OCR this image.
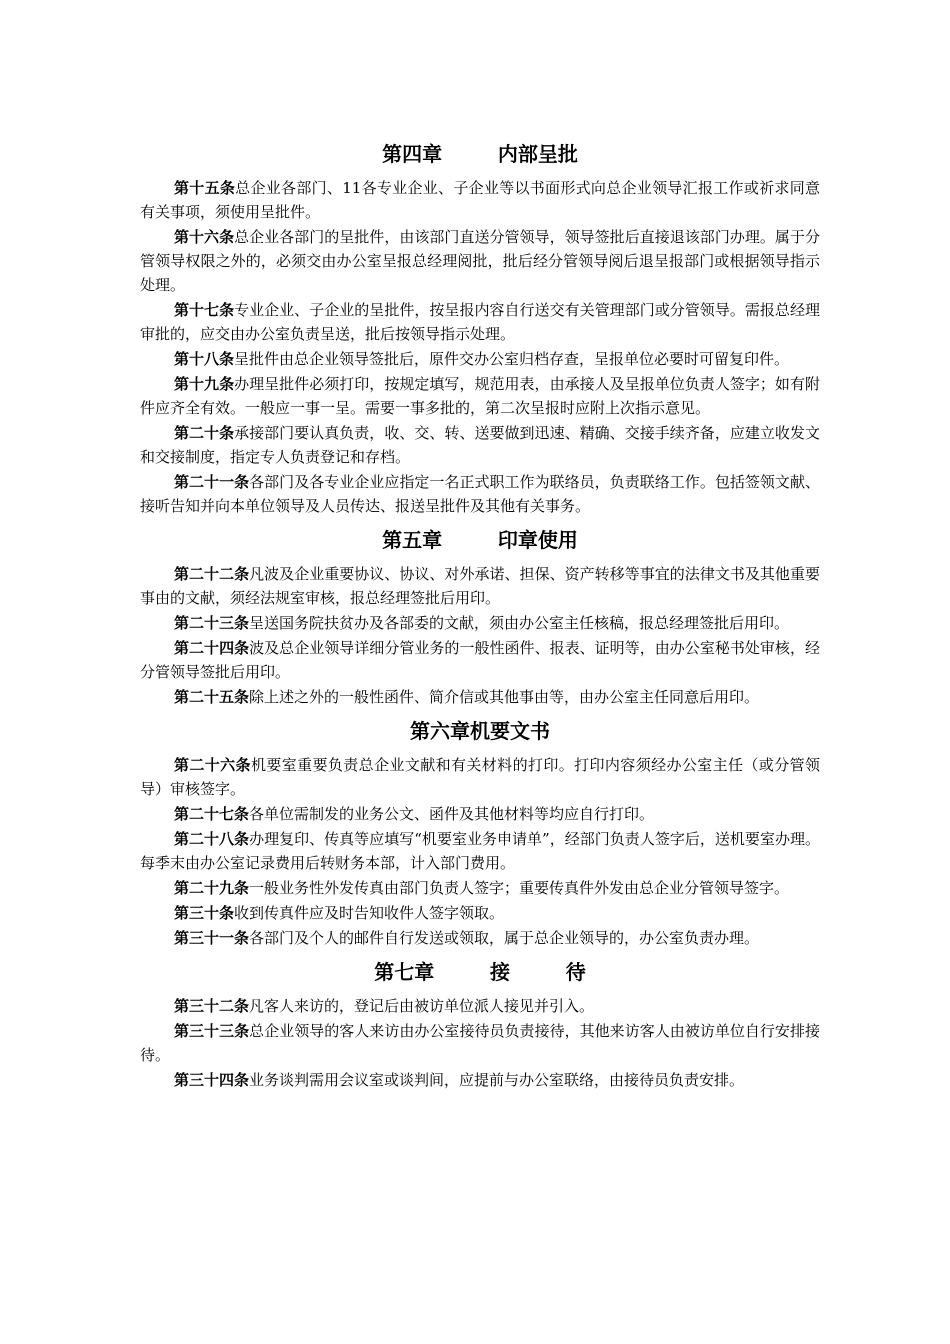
第四章        内部呈批

第十五条总企业各部门、11各专业企业、子企业等以书面形式向总企业领导汇报工作或祈求同意有关事项，须使用呈批件。

第十六条总企业各部门的呈批件，由该部门直送分管领导，领导签批后直接退该部门办理。属于分管领导权限之外的，必须交由办公室呈报总经理阅批，批后经分管领导阅后退呈报部门或根据领导指示处理。

第十七条专业企业、子企业的呈批件，按呈报内容自行送交有关管理部门或分管领导。需报总经理审批的，应交由办公室负责呈送，批后按领导指示处理。

第十八条呈批件由总企业领导签批后，原件交办公室归档存查，呈报单位必要时可留复印件。

第十九条办理呈批件必须打印，按规定填写，规范用表，由承接人及呈报单位负责人签字；如有附件应齐全有效。一般应一事一呈。需要一事多批的，第二次呈报时应附上次指示意见。

第二十条承接部门要认真负责，收、交、转、送要做到迅速、精确、交接手续齐备，应建立收发文和交接制度，指定专人负责登记和存档。

第二十一条各部门及各专业企业应指定一名正式职工作为联络员，负责联络工作。包括签领文献、接听告知并向本单位领导及人员传达、报送呈批件及其他有关事务。

第五章        印章使用

第二十二条凡波及企业重要协议、协议、对外承诺、担保、资产转移等事宜的法律文书及其他重要事由的文献，须经法规室审核，报总经理签批后用印。

第二十三条呈送国务院扶贫办及各部委的文献，须由办公室主任核稿，报总经理签批后用印。

第二十四条波及总企业领导详细分管业务的一般性函件、报表、证明等，由办公室秘书处审核，经分管领导签批后用印。

第二十五条除上述之外的一般性函件、简介信或其他事由等，由办公室主任同意后用印。

第六章机要文书

第二十六条机要室重要负责总企业文献和有关材料的打印。打印内容须经办公室主任（或分管领导）审核签字。

第二十七条各单位需制发的业务公文、函件及其他材料等均应自行打印。

第二十八条办理复印、传真等应填写“机要室业务申请单”，经部门负责人签字后，送机要室办理。每季末由办公室记录费用后转财务本部，计入部门费用。

第二十九条一般业务性外发传真由部门负责人签字；重要传真件外发由总企业分管领导签字。

第三十条收到传真件应及时告知收件人签字领取。

第三十一条各部门及个人的邮件自行发送或领取，属于总企业领导的，办公室负责办理。

第七章        接        待

第三十二条凡客人来访的，登记后由被访单位派人接见并引入。

第三十三条总企业领导的客人来访由办公室接待员负责接待，其他来访客人由被访单位自行安排接待。

第三十四条业务谈判需用会议室或谈判间，应提前与办公室联络，由接待员负责安排。
